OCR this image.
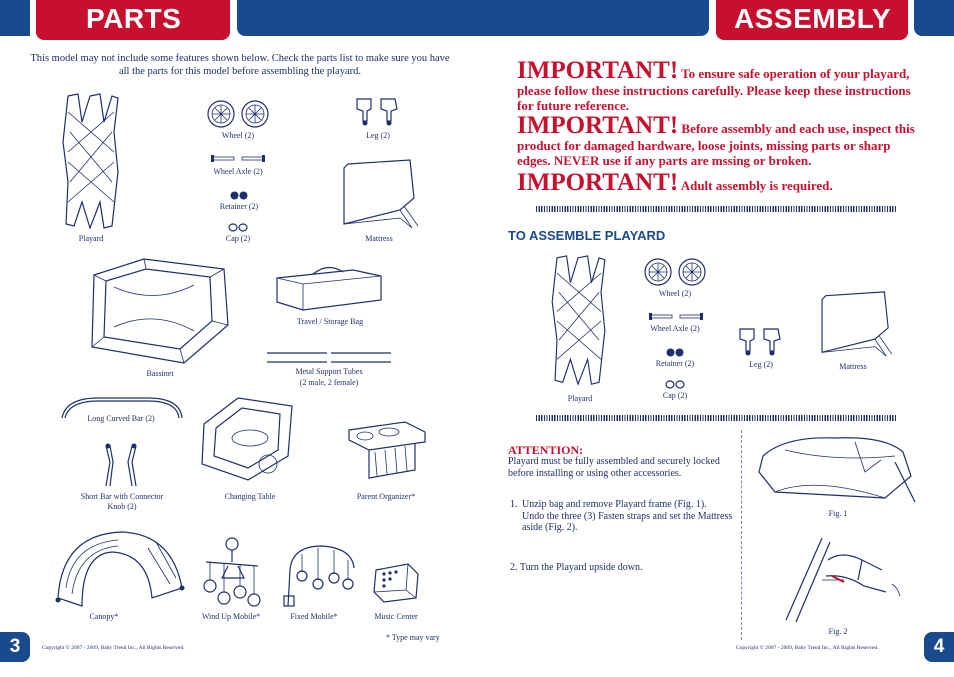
PARTS	ASSEMBLY
This model may not include some features shown below. Check the parts list to make sure you have all the parts for this model before assembling the playard.
Playard
Wheel (2)	Leg (2)
Wheel Axle (2)
Retainer (2)
Cap (2)	Mattress
Travel / Storage Bag
Bassinet	Metal Support Tubes
(2 male, 2 female)
Long Curved Bar (2)
Short Bar with Connector Knob (2)
Changing Table	Parent Organizer*
Canopy*	Wind Up Mobile*	Fixed Mobile*	Music Center
* Type may vary
3	Copyright © 2007 - 2009, Baby Trend Inc., All Rights Reserved.
IMPORTANT! To ensure safe operation of your playard, please follow these instructions carefully. Please keep these instructions for future reference.
IMPORTANT! Before assembly and each use, inspect this product for damaged hardware, loose joints, missing parts or sharp edges. NEVER use if any parts are mssing or broken.
IMPORTANT! Adult assembly is required.
TO ASSEMBLE PLAYARD
Playard
Wheel (2)
Wheel Axle (2)
Retainer (2)
Cap (2)
Leg (2)	Mattress
ATTENTION:
Playard must be fully assembled and securely locked before installing or using other accessories.
1. Unzip bag and remove Playard frame (Fig. 1).
Undo the three (3) Fasten straps and set the Mattress aside (Fig. 2).
2. Turn the Playard upside down.
Fig. 1
Fig. 2
4
Copyright © 2007 - 2009, Baby Trend Inc., All Rights Reserved.
